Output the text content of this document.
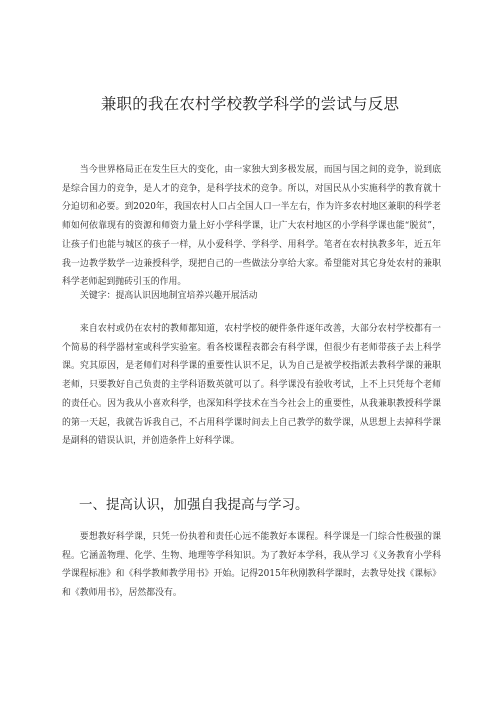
兼职的我在农村学校教学科学的尝试与反思

当今世界格局正在发生巨大的变化，由一家独大到多极发展，而国与国之间的竞争，说到底是综合国力的竞争，是人才的竞争，是科学技术的竞争。所以，对国民从小实施科学的教育就十分迫切和必要。到2020年，我国农村人口占全国人口一半左右，作为许多农村地区兼职的科学老师如何依靠现有的资源和师资力量上好小学科学课，让广大农村地区的小学科学课也能“脱贫”，让孩子们也能与城区的孩子一样，从小爱科学、学科学、用科学。笔者在农村执教多年，近五年我一边教学数学一边兼授科学，现把自己的一些做法分享给大家。希望能对其它身处农村的兼职科学老师起到抛砖引玉的作用。

关键字：提高认识因地制宜培养兴趣开展活动

来自农村或仍在农村的教师都知道，农村学校的硬件条件逐年改善，大部分农村学校都有一个简易的科学器材室或科学实验室。看各校课程表都会有科学课，但很少有老师带孩子去上科学课。究其原因，是老师们对科学课的重要性认识不足，认为自己是被学校指派去教科学课的兼职老师，只要教好自己负责的主学科语数英就可以了。科学课没有验收考试，上不上只凭每个老师的责任心。因为我从小喜欢科学，也深知科学技术在当今社会上的重要性，从我兼职教授科学课的第一天起，我就告诉我自己，不占用科学课时间去上自己教学的数学课，从思想上去掉科学课是副科的错误认识，并创造条件上好科学课。

一、提高认识，加强自我提高与学习。

要想教好科学课，只凭一份执着和责任心远不能教好本课程。科学课是一门综合性极强的课程。它涵盖物理、化学、生物、地理等学科知识。为了教好本学科，我从学习《义务教育小学科学课程标准》和《科学教师教学用书》开始。记得2015年秋刚教科学课时，去教导处找《课标》和《教师用书》，居然都没有。
